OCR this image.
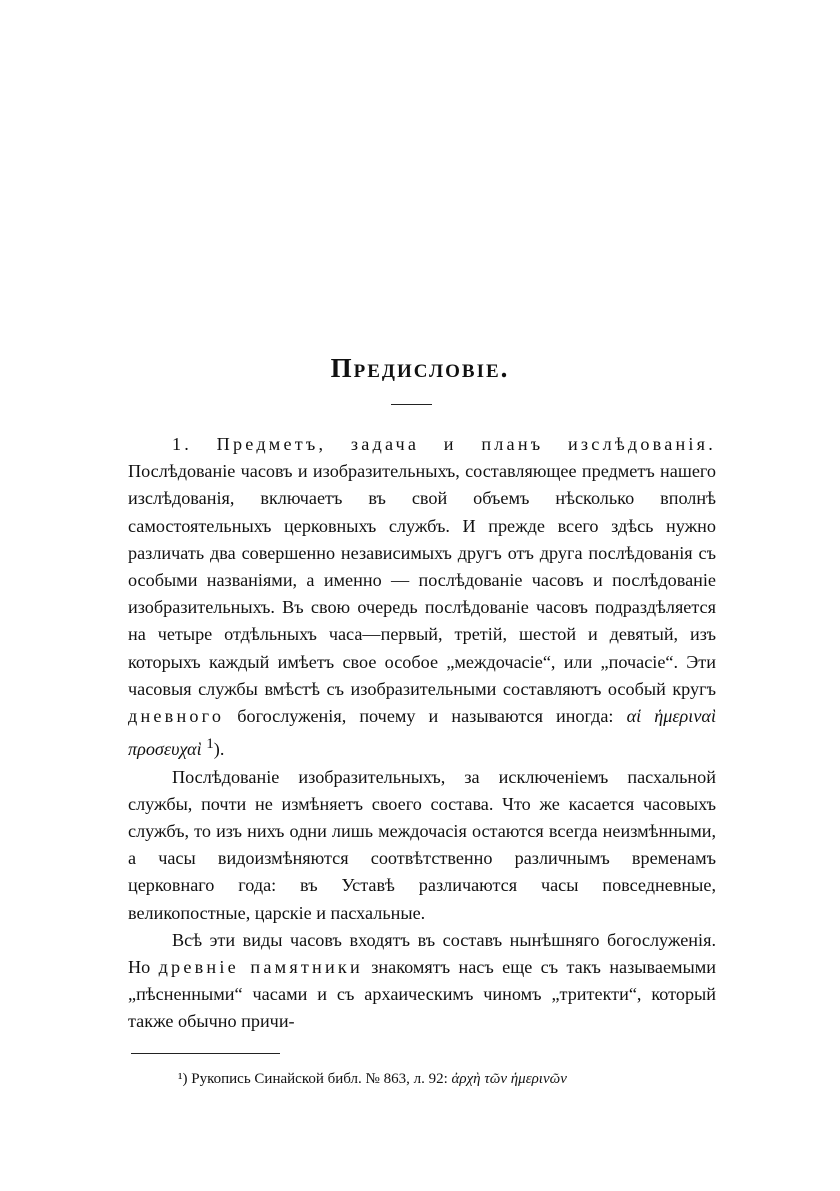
Предисловіе.

1. Предметъ, задача и планъ изслѣдованія. Послѣдованіе часовъ и изобразительныхъ, составляющее предметъ нашего изслѣдованія, включаетъ въ свой объемъ нѣсколько вполнѣ самостоятельныхъ церковныхъ службъ. И прежде всего здѣсь нужно различать два совершенно независимыхъ другъ отъ друга послѣдованія съ особыми названіями, а именно — послѣдованіе часовъ и послѣдованіе изобразительныхъ. Въ свою очередь послѣдованіе часовъ подраздѣляется на четыре отдѣльныхъ часа—первый, третій, шестой и девятый, изъ которыхъ каждый имѣетъ свое особое „междочасіе“, или „почасіе“. Эти часовыя службы вмѣстѣ съ изобразительными составляютъ особый кругъ дневного богослуженія, почему и называются иногда: αἱ ἡμεριναὶ προσευχαὶ $^1$).

Послѣдованіе изобразительныхъ, за исключеніемъ пасхальной службы, почти не измѣняетъ своего состава. Что же касается часовыхъ службъ, то изъ нихъ одни лишь междочасія остаются всегда неизмѣнными, а часы видоизмѣняются соотвѣтственно различнымъ временамъ церковнаго года: въ Уставѣ различаются часы повседневные, великопостные, царскіе и пасхальные.

Всѣ эти виды часовъ входятъ въ составъ нынѣшняго богослуженія. Но древніе памятники знакомятъ насъ еще съ такъ называемыми „пѣсненными“ часами и съ архаическимъ чиномъ „тритекти“, который также обычно причи-

¹) Рукопись Синайской библ. № 863, л. 92: ἀρχὴ τῶν ἡμερινῶν
